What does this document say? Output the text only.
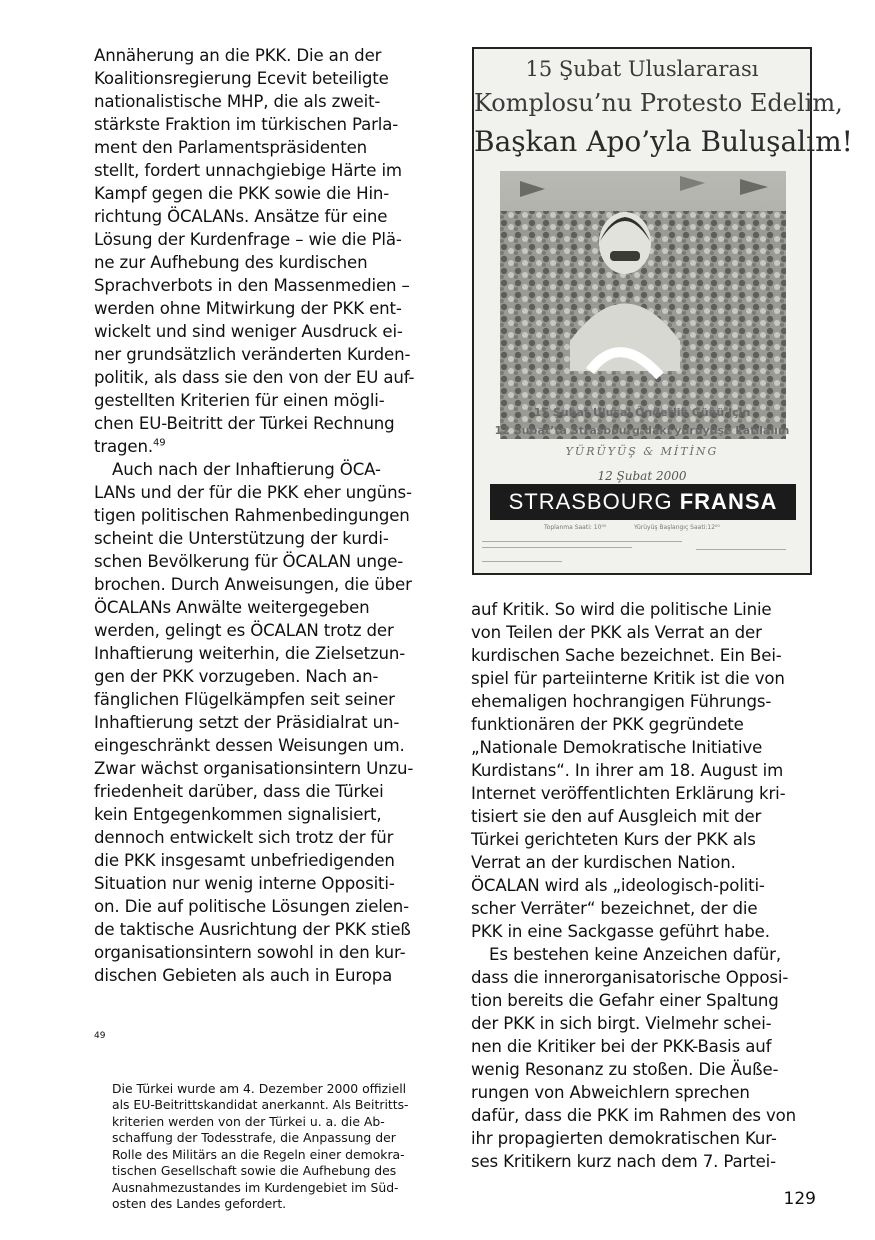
Annäherung an die PKK. Die an der
Koalitionsregierung Ecevit beteiligte
nationalistische MHP, die als zweit-
stärkste Fraktion im türkischen Parla-
ment den Parlamentspräsidenten
stellt, fordert unnachgiebige Härte im
Kampf gegen die PKK sowie die Hin-
richtung ÖCALANs. Ansätze für eine
Lösung der Kurdenfrage – wie die Plä-
ne zur Aufhebung des kurdischen
Sprachverbots in den Massenmedien –
werden ohne Mitwirkung der PKK ent-
wickelt und sind weniger Ausdruck ei-
ner grundsätzlich veränderten Kurden-
politik, als dass sie den von der EU auf-
gestellten Kriterien für einen mögli-
chen EU-Beitritt der Türkei Rechnung
tragen.$^{49}$
Auch nach der Inhaftierung ÖCA-
LANs und der für die PKK eher ungüns-
tigen politischen Rahmenbedingungen
scheint die Unterstützung der kurdi-
schen Bevölkerung für ÖCALAN unge-
brochen. Durch Anweisungen, die über
ÖCALANs Anwälte weitergegeben
werden, gelingt es ÖCALAN trotz der
Inhaftierung weiterhin, die Zielsetzun-
gen der PKK vorzugeben. Nach an-
fänglichen Flügelkämpfen seit seiner
Inhaftierung setzt der Präsidialrat un-
eingeschränkt dessen Weisungen um.
Zwar wächst organisationsintern Unzu-
friedenheit darüber, dass die Türkei
kein Entgegenkommen signalisiert,
dennoch entwickelt sich trotz der für
die PKK insgesamt unbefriedigenden
Situation nur wenig interne Oppositi-
on. Die auf politische Lösungen zielen-
de taktische Ausrichtung der PKK stieß
organisationsintern sowohl in den kur-
dischen Gebieten als auch in Europa
15 Şubat Uluslararası
Komplosu’nu Protesto Edelim,
Başkan Apo’yla Buluşalım!
15 Şubat Ulusal Önderlik Günü İçin
12 Şubat’ta Strasbourg’daki yürüyüşe katılalım
YÜRÜYÜŞ & MİTİNG
12 Şubat 2000
STRASBOURG FRANSA
Toplanma Saati: 10⁰⁰	Yürüyüş Başlangıç Saati:12⁰⁰
auf Kritik. So wird die politische Linie
von Teilen der PKK als Verrat an der
kurdischen Sache bezeichnet. Ein Bei-
spiel für parteiinterne Kritik ist die von
ehemaligen hochrangigen Führungs-
funktionären der PKK gegründete
„Nationale Demokratische Initiative
Kurdistans“. In ihrer am 18. August im
Internet veröffentlichten Erklärung kri-
tisiert sie den auf Ausgleich mit der
Türkei gerichteten Kurs der PKK als
Verrat an der kurdischen Nation.
ÖCALAN wird als „ideologisch-politi-
scher Verräter“ bezeichnet, der die
PKK in eine Sackgasse geführt habe.
Es bestehen keine Anzeichen dafür,
dass die innerorganisatorische Opposi-
tion bereits die Gefahr einer Spaltung
der PKK in sich birgt. Vielmehr schei-
nen die Kritiker bei der PKK-Basis auf
wenig Resonanz zu stoßen. Die Äuße-
rungen von Abweichlern sprechen
dafür, dass die PKK im Rahmen des von
ihr propagierten demokratischen Kur-
ses Kritikern kurz nach dem 7. Partei-

49

Die Türkei wurde am 4. Dezember 2000 offiziell
als EU-Beitrittskandidat anerkannt. Als Beitritts-
kriterien werden von der Türkei u. a. die Ab-
schaffung der Todesstrafe, die Anpassung der
Rolle des Militärs an die Regeln einer demokra-
tischen Gesellschaft sowie die Aufhebung des
Ausnahmezustandes im Kurdengebiet im Süd-
osten des Landes gefordert.	129
